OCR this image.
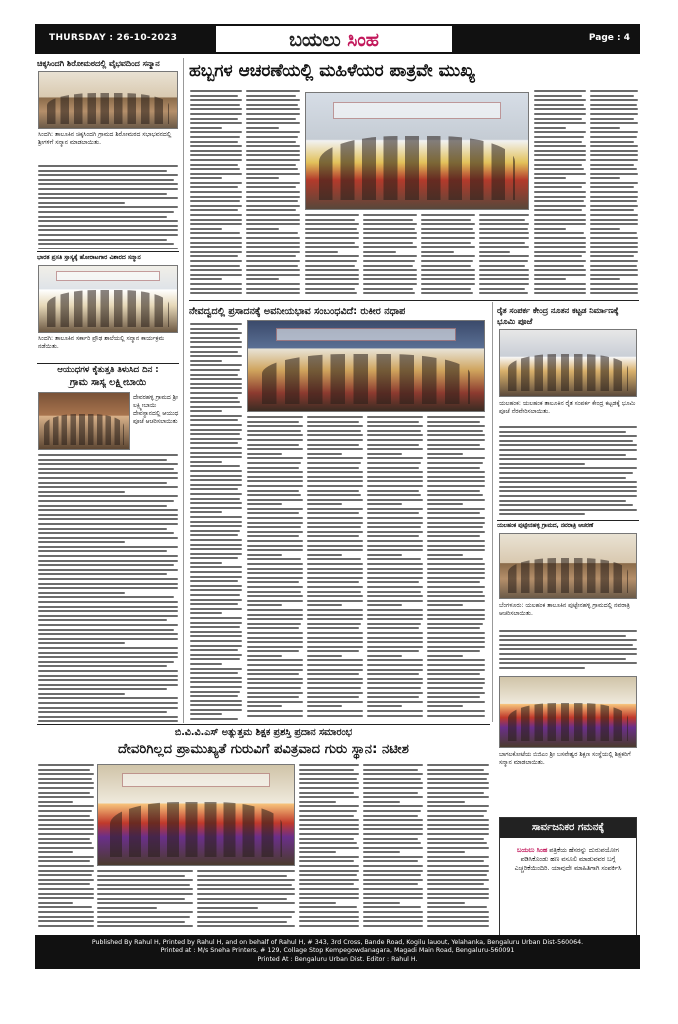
THURSDAY : 26-10-2023	ಬಯಲು ಸಿಂಹ	Page : 4
ಚಿಕ್ಕಸಿಂದಗಿ ಶಿರೋಮಠದಲ್ಲಿ ವೈಭವದಿಂದ ಸನ್ಮಾನ
ಸಿಂದಗಿ: ತಾಲೂಕಿನ ಚಿಕ್ಕಸಿಂದಗಿ ಗ್ರಾಮದ ಶಿರೋಮಠದ ಸಭಾಭವನದಲ್ಲಿ ಶ್ರೀಗಳಿಗೆ ಸನ್ಮಾನ ಮಾಡಲಾಯಿತು.
ಭಾರತ ಪ್ರಸತಿ ಸ್ತಾಸ್ಯಕ್ಕೆ ಹೋರಾಟಗಾರ ವಿಶಾರದ ಸನ್ಮಾನ
ಸಿಂದಗಿ: ತಾಲೂಕಿನ ಸರ್ಕಾರಿ ಪ್ರೌಢ ಶಾಲೆಯಲ್ಲಿ ಸನ್ಮಾನ ಕಾರ್ಯಕ್ರಮ ನಡೆಯಿತು.
ಆಯುಧಗಳ ಕೈತುತ್ತತಿ ತಿಳುಸಿದ ದಿನ :
ಗ್ರಾಮ ಸಾಸ್ಯ ಲಕ್ಷ್ಮೀಬಾಯಿ
ದೇವರಹಳ್ಳಿ ಗ್ರಾಮದ ಶ್ರೀ ಲಕ್ಷ್ಮೀಬಾಯಿ ದೇವಸ್ಥಾನದಲ್ಲಿ ಆಯುಧ ಪೂಜೆ ಆಚರಿಸಲಾಯಿತು
ಹಬ್ಬಗಳ ಆಚರಣೆಯಲ್ಲಿ ಮಹಿಳೆಯರ ಪಾತ್ರವೇ ಮುಖ್ಯ
ನೇವದ್ವದಲ್ಲಿ ಪ್ರಸಾದನಕ್ಕೆ ಅವನೀಯಭಾವ ಸಂಬಂಧವಿದೆ: ರುಕೀರ ನಧಾಪ	ರೈತ ಸಂಪರ್ಕ ಕೇಂದ್ರ ನೂತನ ಕಟ್ಟಡ ನಿರ್ಮಾಣಕ್ಕೆ ಭೂಮಿ ಪೂಜೆ
ಯಲಹಂಕ: ಯಲಹಂಕ ತಾಲೂಕಿನ ರೈತ ಸಂಪರ್ಕ ಕೇಂದ್ರ ಕಟ್ಟಡಕ್ಕೆ ಭೂಮಿ ಪೂಜೆ ನೆರವೇರಿಸಲಾಯಿತು.
ಯಲಹಂಕ ಪುಟ್ಟೇನಹಳ್ಳಿ ಗ್ರಾಮದ, ನವರಾತ್ರಿ ಆಚರಣೆ
ಬೆಂಗಳೂರು: ಯಲಹಂಕ ತಾಲೂಕಿನ ಪುಟ್ಟೇನಹಳ್ಳಿ ಗ್ರಾಮದಲ್ಲಿ ನವರಾತ್ರಿ ಆಚರಿಸಲಾಯಿತು.
ಬಾಗಲಕೋಟೆಯ ಬಿಜಿಎಂ ಶ್ರೀ ಬಸವೇಶ್ವರ ಶಿಕ್ಷಣ ಸಂಸ್ಥೆಯಲ್ಲಿ ಶಿಕ್ಷಕರಿಗೆ ಸನ್ಮಾನ ಮಾಡಲಾಯಿತು.
ಬಿ.ವಿ.ವಿ.ಎಸ್ ಅತ್ಯುತ್ತಮ ಶಿಕ್ಷಕ ಪ್ರಶಸ್ತಿ ಪ್ರದಾನ ಸಮಾರಂಭ
ದೇವರಿಗಿಲ್ಲದ ಪ್ರಾಮುಖ್ಯತೆ ಗುರುವಿಗೆ ಪವಿತ್ರವಾದ ಗುರು ಸ್ಥಾನ: ನಟೀಶ
ಸಾರ್ವಜನಿಕರ ಗಮನಕ್ಕೆ
ಬಯಲು ಸಿಂಹ ಪತ್ರಿಕೆಯ ಹೆಸರನ್ನು ದುರುಪಯೋಗ ಪಡಿಸಿಕೊಂಡು ಹಣ ವಸೂಲಿ ಮಾಡುವವರ ಬಗ್ಗೆ ಎಚ್ಚರಿಕೆಯಿಂದಿರಿ. ಯಾವುದೇ ಮಾಹಿತಿಗಾಗಿ ಸಂಪರ್ಕಿಸಿ
Published By Rahul H, Printed by Rahul H, and on behalf of Rahul H, # 343, 3rd Cross, Bande Road, Kogilu lauout, Yelahanka, Bengaluru Urban Dist-560064.
Printed at : M/s Sneha Printers, # 129, Collage Stop Kempegowdanagara, Magadi Main Road, Bengaluru-560091
Printed At : Bengaluru Urban Dist. Editor : Rahul H.
